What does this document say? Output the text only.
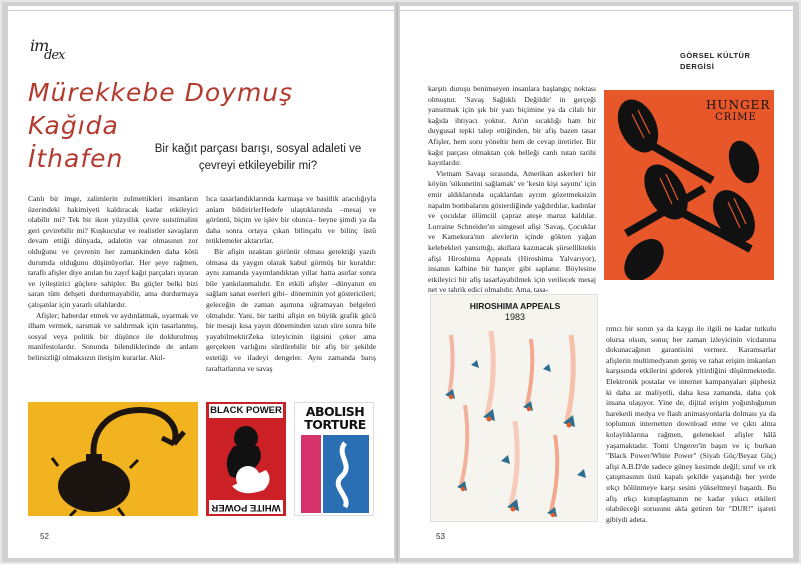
im
dex
Mürekkebe Doymuş Kağıda
İthafen	Bir kağıt parçası barışı, sosyal adaleti ve çevreyi etkileyebilir mi?

Canlı bir imge, zalimlerin zulmettikleri insanların üzerindeki hakimiyeti kaldıracak kadar etkileyici olabilir mi? Tek bir ikon yüzyıllık çevre suistimalini geri çevirebilir mi? Kuşkucular ve realistler savaşların devam ettiği dünyada, adaletin var olmasının zor olduğunu ve çevrenin her zamankinden daha kötü durumda olduğunu düşünüyorlar. Her şeye rağmen, taraflı afişler diye anılan bu zayıf kağıt parçaları uyaran ve iyileştirici güçlere sahipler. Bu güçler belki bizi saran tüm dehşeti durdurmayabilir, ama durdurmaya çalışanlar için yararlı silahlardır.

Afişler; haberdar etmek ve aydınlatmak, uyarmak ve ilham vermek, sarsmak ve saldırmak için tasarlanmış, sosyal veya politik bir düşünce ile doldurulmuş manifestolardır. Sonunda bilendiklerinde de anlam belirsizliği olmaksızın iletişim kurarlar. Akıl-

lıca tasarlandıklarında karmaşa ve basitlik aracılığıyla anlam bildirirlerHedefe ulaştıklarında –mesaj ve görüntü, biçim ve işlev bir olunca– beyne şimdi ya da daha sonra ortaya çıkan bilinçaltı ve bilinç üstü tetiklemeler aktarırlar.

Bir afişin uzaktan görünür olması gerektiği yazılı olmasa da yaygın olarak kabul görmüş bir kuraldır: aynı zamanda yayımlandıktan yıllar hatta asırlar sonra bile yankılanmalıdır. En etkili afişler –dünyanın en sağlam sanat eserleri gibi– döneminin yol göstericileri; geleceğin de zaman aşımına uğramayan belgeleri olmalıdır. Yani, bir tarihi afişin en büyük grafik gücü bir mesajı kısa yayın döneminden uzun süre sonra bile yayabilmektirZeka izleyicinin ilgisini çeker ama gerçekten varlığını sürdürebilir bir afiş bir şekilde estetiği ve ifadeyi dengeler. Aynı zamanda barış taraftarlarına ve savaş

BLACK POWER
WHITE POWER
ABOLISH
TORTURE
52
GÖRSEL KÜLTÜR
DERGİSİ

karşıtı duruşu benimseyen insanlara başlangıç noktası olmuştur. 'Savaş Sağlıklı Değildir' in gerçeği yansıtmak için şık bir yazı biçimine ya da cilalı bir kağıda ihtiyacı yoktur. An'ın sıcaklığı ham bir duygusal tepki talep ettiğinden, bir afiş bazen tasar Afişler, hem soru yöneltir hem de cevap üretirler. Bir kağıt parçası olmaktan çok belleği canlı tutan tarihi kayıtlardır.

Vietnam Savaşı sırasında, Amerikan askerleri bir köyün 'sükunetini sağlamak' ve 'kesin kişi sayımı' için emir aldıklarında uçaklardan ayrım gözetmeksizin napalm bombalarını gösterdiğinde yağdırdılar, kadınlar ve çocuklar ölümcül çapraz ateşe maruz kaldılar. Lorraine Schneider'ın simgesel afişi 'Savaş, Çocuklar ve Kamekura'nın alevlerin içinde gökten yağan kelebekleri yansıttığı, akıllara kazınacak şiirselliktekiı afişi Hiroshima Appeals (Hiroshima Yalvarıyor), insanın kalbine bir hançer gibi saplanır. Böylesine etkileyici bir afiş tasarlayabilmek için verilecek mesaj net ve tahrik edici olmalıdır. Ama, tasa-

HUNGER
CRIME
HIROSHIMA APPEALS
1983

rımcı bir sorun ya da kaygı ile ilgili ne kadar tutkulu olursa olsun, sonuç her zaman izleyicinin vicdanına dokunacağının garantisini vermez. Karamsarlar afişlerin multimedyanın geniş ve rahat erişim imkanları karşısında etkilerini giderek yitirdiğini düşünmektedir. Elektronik postalar ve internet kampanyaları şüphesiz ki daha az maliyetli, daha kısa zamanda, daha çok insana ulaşıyor. Yine de, dijital erişim yoğunluğunun hareketli medya ve flash animasyonlarla dolması ya da toplumun internetten download etme ve çıktı alma kolaylıklarına rağmen, geleneksel afişler hâlâ yaşamaktadır. Tomi Ungerer'in başın ve iç burkan "Black Power/White Power" (Siyah Güç/Beyaz Güç) afişi A.B.D'de sadece güney kesimde değil; sınıf ve ırk çatışmasının üstü kapalı şekilde yaşandığı her yerde ırkçı bölünmeye karşı sesini yükseltmeyi başardı. Bu afiş ırkçı kutuplaşmanın ne kadar yıkıcı etkileri olabileceği sorusunu akla getiren bir "DUR!" işareti gibiydi adeta.

53
